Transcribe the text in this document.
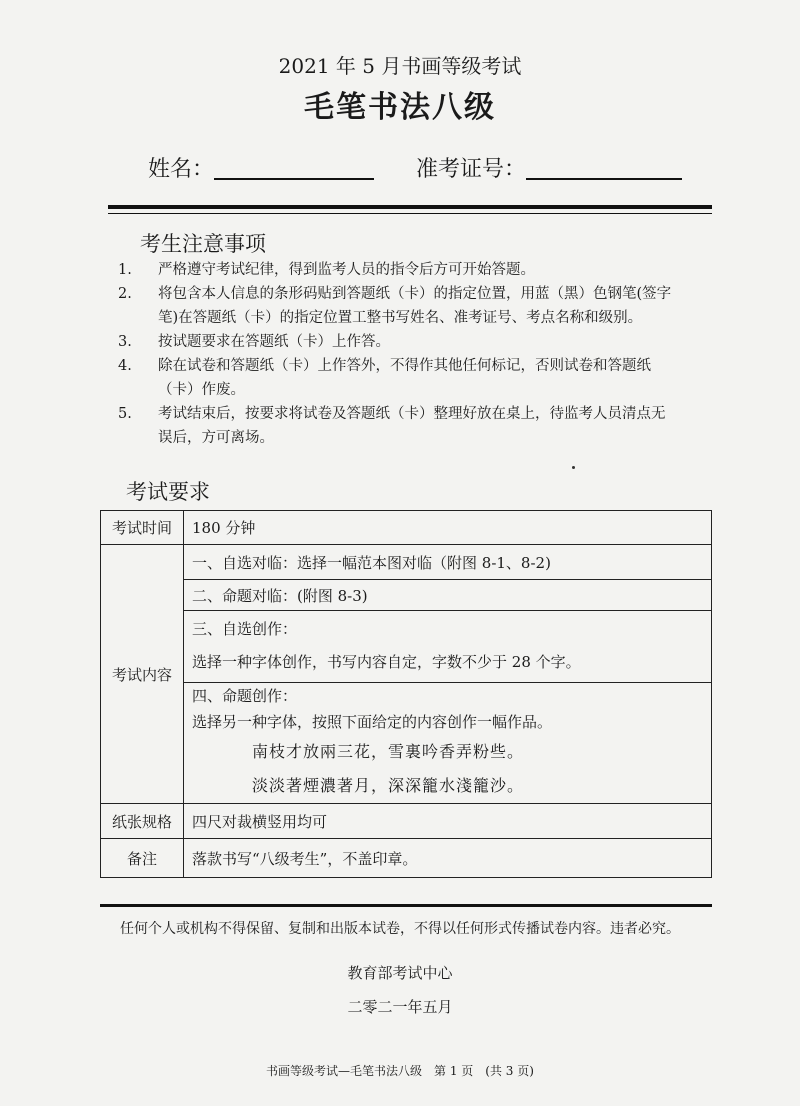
2021 年 5 月书画等级考试
毛笔书法八级
姓名：	准考证号：
考生注意事项
1.	严格遵守考试纪律，得到监考人员的指令后方可开始答题。
2.	将包含本人信息的条形码贴到答题纸（卡）的指定位置，用蓝（黑）色钢笔(签字笔)在答题纸（卡）的指定位置工整书写姓名、准考证号、考点名称和级别。
3.	按试题要求在答题纸（卡）上作答。
4.	除在试卷和答题纸（卡）上作答外，不得作其他任何标记，否则试卷和答题纸（卡）作废。
5.	考试结束后，按要求将试卷及答题纸（卡）整理好放在桌上，待监考人员清点无误后，方可离场。
考试要求
考试时间	180 分钟
考试内容	一、自选对临：选择一幅范本图对临（附图 8-1、8-2)
	二、命题对临：(附图 8-3)

	三、自选创作：
选择一种字体创作，书写内容自定，字数不少于 28 个字。

	四、命题创作：
选择另一种字体，按照下面给定的内容创作一幅作品。
南枝才放兩三花，雪裏吟香弄粉些。
淡淡著煙濃著月，深深籠水淺籠沙。

纸张规格	四尺对裁横竖用均可
备注	落款书写“八级考生”，不盖印章。
任何个人或机构不得保留、复制和出版本试卷，不得以任何形式传播试卷内容。违者必究。
教育部考试中心
二零二一年五月
书画等级考试—毛笔书法八级　第 1 页　(共 3 页)
